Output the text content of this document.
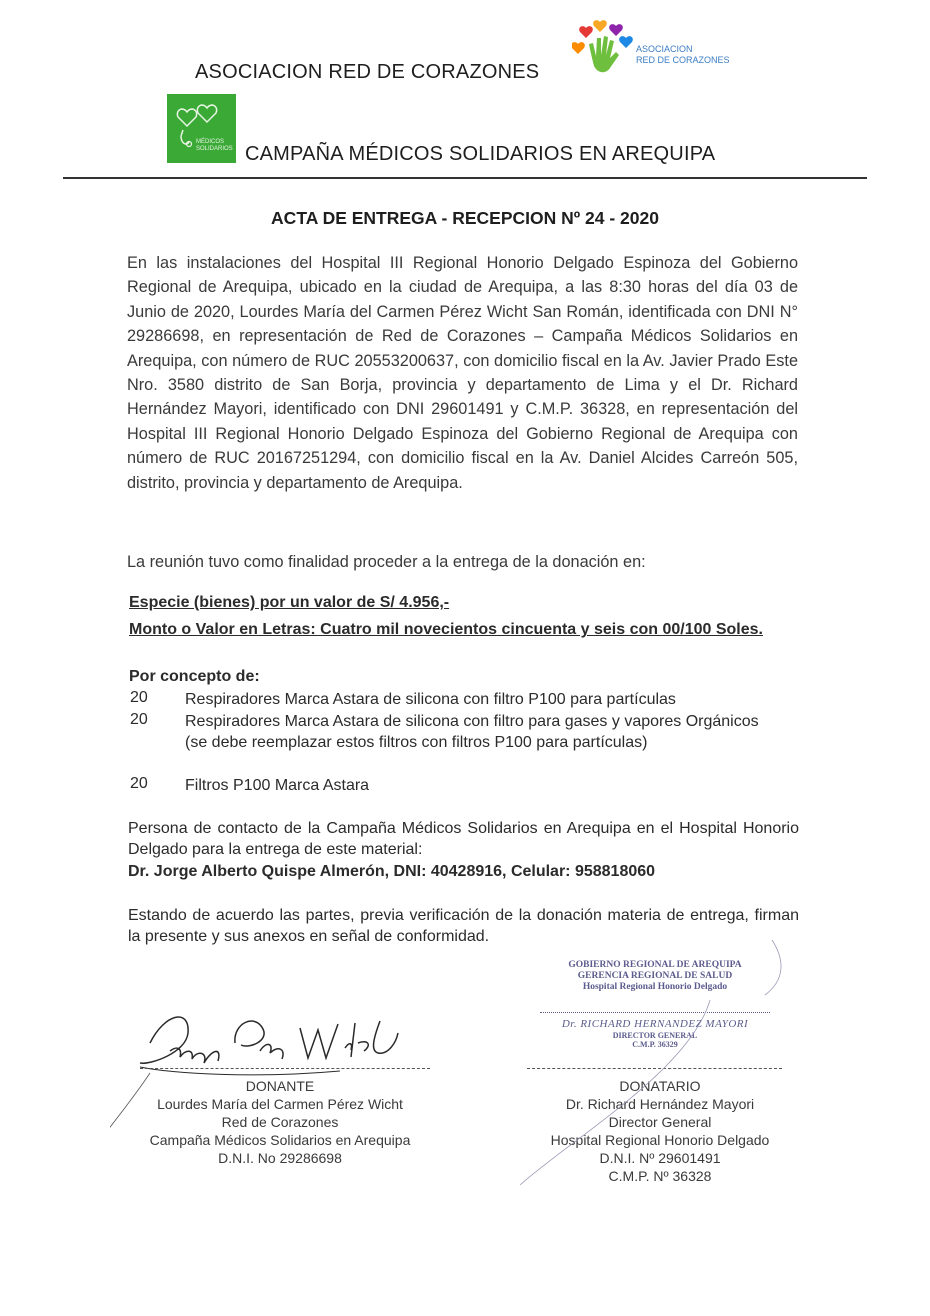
ASOCIACION RED DE CORAZONES
ASOCIACION
RED DE CORAZONES
MÉDICOS
SOLIDARIOS CAMPAÑA MÉDICOS SOLIDARIOS EN AREQUIPA
ACTA DE ENTREGA - RECEPCION Nº 24 - 2020
En las instalaciones del Hospital III Regional Honorio Delgado Espinoza del Gobierno Regional de Arequipa, ubicado en la ciudad de Arequipa, a las 8:30 horas del día 03 de Junio de 2020, Lourdes María del Carmen Pérez Wicht San Román, identificada con DNI N° 29286698, en representación de Red de Corazones – Campaña Médicos Solidarios en Arequipa, con número de RUC 20553200637, con domicilio fiscal en la Av. Javier Prado Este Nro. 3580 distrito de San Borja, provincia y departamento de Lima y el Dr. Richard Hernández Mayori, identificado con DNI 29601491 y C.M.P. 36328, en representación del Hospital III Regional Honorio Delgado Espinoza del Gobierno Regional de Arequipa con número de RUC 20167251294, con domicilio fiscal en la Av. Daniel Alcides Carreón 505, distrito, provincia y departamento de Arequipa.
La reunión tuvo como finalidad proceder a la entrega de la donación en:
Especie (bienes) por un valor de S/ 4.956,-
Monto o Valor en Letras: Cuatro mil novecientos cincuenta y seis con 00/100 Soles.
Por concepto de:
20 Respiradores Marca Astara de silicona con filtro P100 para partículas
20 Respiradores Marca Astara de silicona con filtro para gases y vapores Orgánicos (se debe reemplazar estos filtros con filtros P100 para partículas)
20 Filtros P100 Marca Astara
Persona de contacto de la Campaña Médicos Solidarios en Arequipa en el Hospital Honorio Delgado para la entrega de este material:
Dr. Jorge Alberto Quispe Almerón, DNI: 40428916, Celular: 958818060
Estando de acuerdo las partes, previa verificación de la donación materia de entrega, firman la presente y sus anexos en señal de conformidad.
GOBIERNO REGIONAL DE AREQUIPA
GERENCIA REGIONAL DE SALUD
Hospital Regional Honorio Delgado
Dr. RICHARD HERNANDEZ MAYORI
DIRECTOR GENERAL
C.M.P. 36329
DONANTE
Lourdes María del Carmen Pérez Wicht
Red de Corazones
Campaña Médicos Solidarios en Arequipa
D.N.I. No 29286698
DONATARIO
Dr. Richard Hernández Mayori
Director General
Hospital Regional Honorio Delgado
D.N.I. Nº 29601491
C.M.P. Nº 36328
